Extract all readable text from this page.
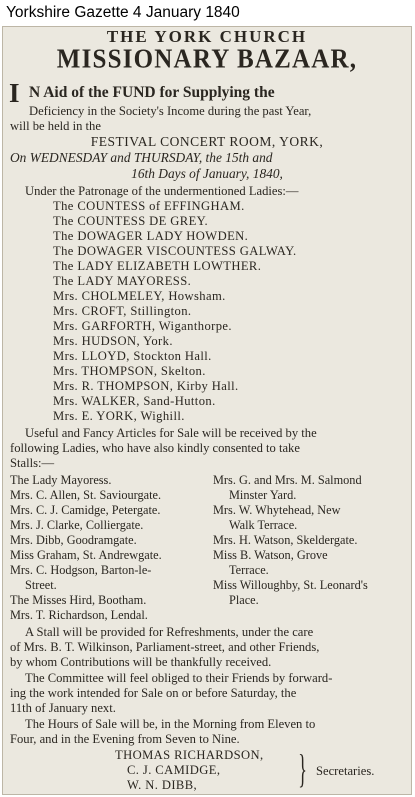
Yorkshire Gazette 4 January 1840
THE YORK CHURCH
MISSIONARY BAZAAR,
I N Aid of the FUND for Supplying the
Deficiency in the Society's Income during the past Year,
will be held in the
FESTIVAL CONCERT ROOM, YORK,
On WEDNESDAY and THURSDAY, the 15th and
16th Days of January, 1840,
Under the Patronage of the undermentioned Ladies:—
The COUNTESS of EFFINGHAM.
The COUNTESS DE GREY.
The DOWAGER LADY HOWDEN.
The DOWAGER VISCOUNTESS GALWAY.
The LADY ELIZABETH LOWTHER.
The LADY MAYORESS.
Mrs. CHOLMELEY, Howsham.
Mrs. CROFT, Stillington.
Mrs. GARFORTH, Wiganthorpe.
Mrs. HUDSON, York.
Mrs. LLOYD, Stockton Hall.
Mrs. THOMPSON, Skelton.
Mrs. R. THOMPSON, Kirby Hall.
Mrs. WALKER, Sand-Hutton.
Mrs. E. YORK, Wighill.
Useful and Fancy Articles for Sale will be received by the
following Ladies, who have also kindly consented to take
Stalls:—
The Lady Mayoress.
Mrs. C. Allen, St. Saviourgate.
Mrs. C. J. Camidge, Petergate.
Mrs. J. Clarke, Colliergate.
Mrs. Dibb, Goodramgate.
Miss Graham, St. Andrewgate.
Mrs. C. Hodgson, Barton-le-
Street.
The Misses Hird, Bootham.
Mrs. T. Richardson, Lendal.
Mrs. G. and Mrs. M. Salmond
Minster Yard.
Mrs. W. Whytehead, New
Walk Terrace.
Mrs. H. Watson, Skeldergate.
Miss B. Watson, Grove
Terrace.
Miss Willoughby, St. Leonard's
Place.
A Stall will be provided for Refreshments, under the care
of Mrs. B. T. Wilkinson, Parliament-street, and other Friends,
by whom Contributions will be thankfully received.
The Committee will feel obliged to their Friends by forward-
ing the work intended for Sale on or before Saturday, the
11th of January next.
The Hours of Sale will be, in the Morning from Eleven to
Four, and in the Evening from Seven to Nine.
THOMAS RICHARDSON,
C. J. CAMIDGE,
W. N. DIBB,	} Secretaries.
